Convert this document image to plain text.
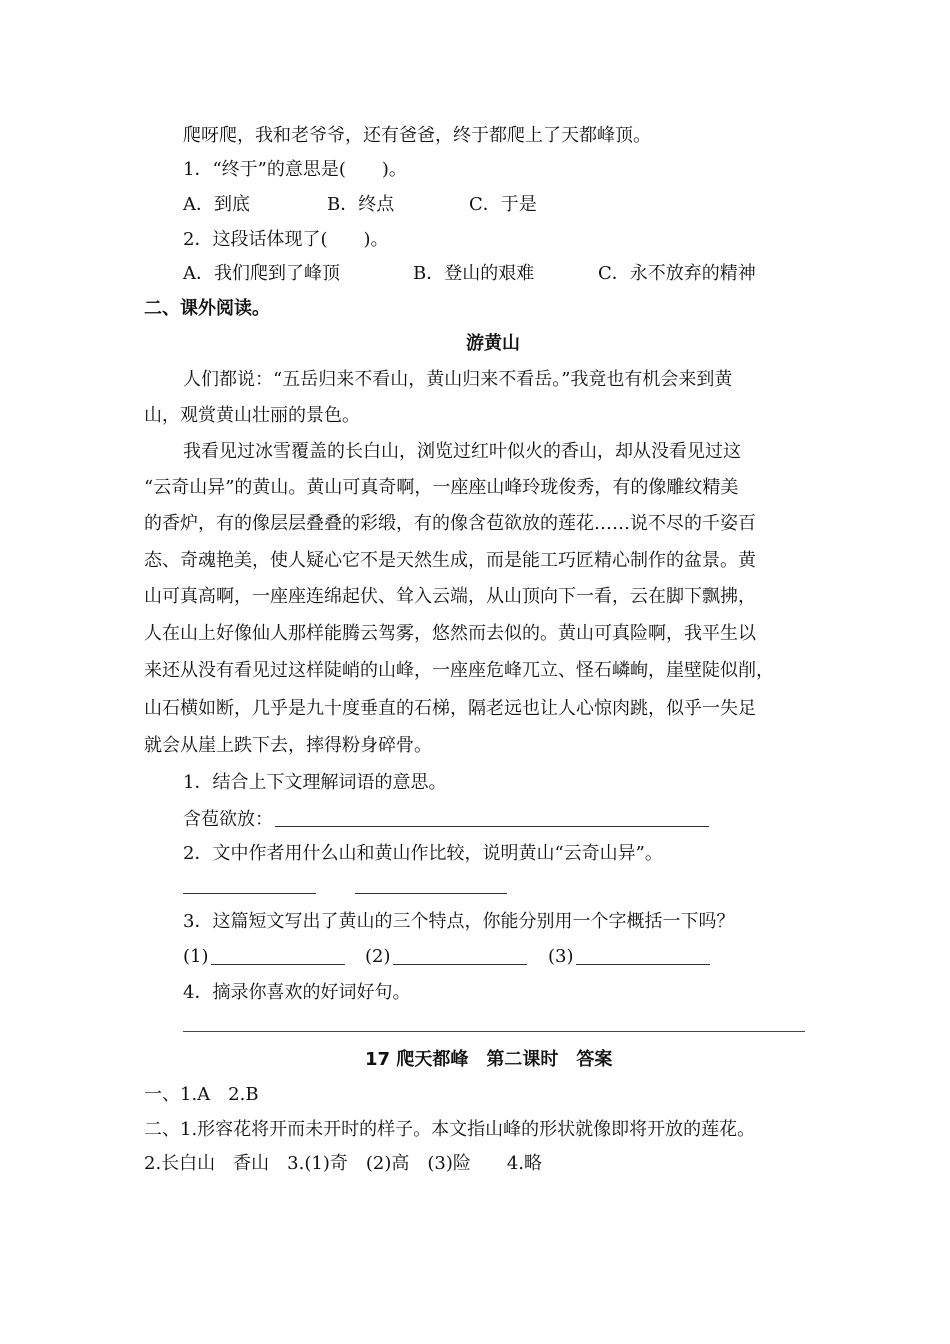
爬呀爬，我和老爷爷，还有爸爸，终于都爬上了天都峰顶。
1．“终于”的意思是(　　)。
A．到底	B．终点	C．于是
2．这段话体现了(　　)。
A．我们爬到了峰顶	B．登山的艰难	C．永不放弃的精神
二、课外阅读。
游黄山
人们都说：“五岳归来不看山，黄山归来不看岳。”我竟也有机会来到黄
山，观赏黄山壮丽的景色。
我看见过冰雪覆盖的长白山，浏览过红叶似火的香山，却从没看见过这
“云奇山异”的黄山。黄山可真奇啊，一座座山峰玲珑俊秀，有的像雕纹精美
的香炉，有的像层层叠叠的彩缎，有的像含苞欲放的莲花……说不尽的千姿百
态、奇魂艳美，使人疑心它不是天然生成，而是能工巧匠精心制作的盆景。黄
山可真高啊，一座座连绵起伏、耸入云端，从山顶向下一看，云在脚下飘拂，
人在山上好像仙人那样能腾云驾雾，悠然而去似的。黄山可真险啊，我平生以
来还从没有看见过这样陡峭的山峰，一座座危峰兀立、怪石嶙峋，崖壁陡似削，
山石横如断，几乎是九十度垂直的石梯，隔老远也让人心惊肉跳，似乎一失足
就会从崖上跌下去，摔得粉身碎骨。
1．结合上下文理解词语的意思。
含苞欲放：
2．文中作者用什么山和黄山作比较，说明黄山“云奇山异”。
3．这篇短文写出了黄山的三个特点，你能分别用一个字概括一下吗？
(1)	(2)	(3)
4．摘录你喜欢的好词好句。
17 爬天都峰　第二课时　答案
一、1.A　2.B
二、1.形容花将开而未开时的样子。本文指山峰的形状就像即将开放的莲花。
2.长白山　香山　3.(1)奇　(2)高　(3)险　　4.略
